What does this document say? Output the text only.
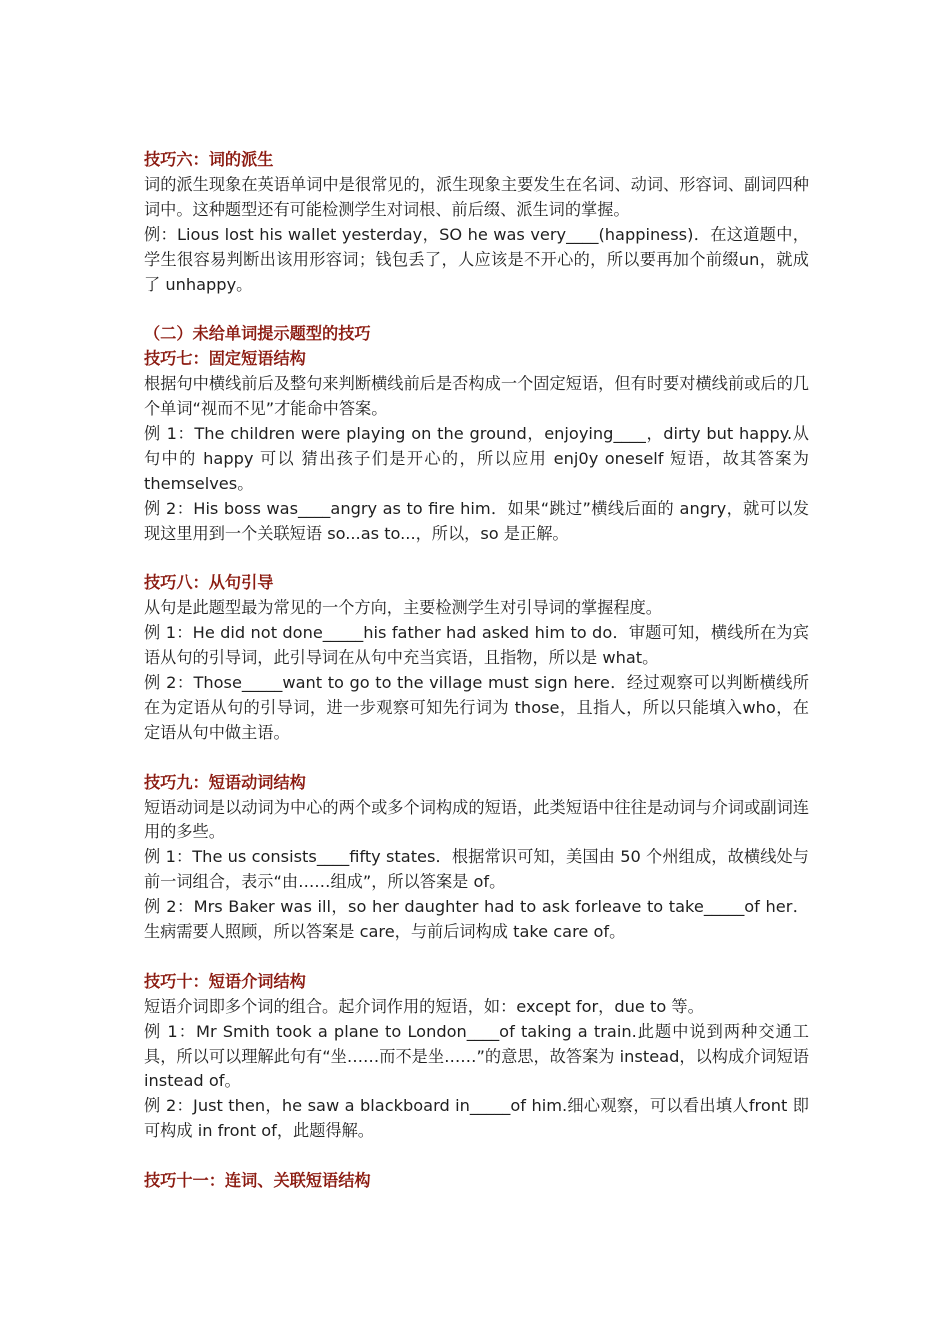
技巧六：词的派生

词的派生现象在英语单词中是很常见的，派生现象主要发生在名词、动词、形容词、副词四种词中。这种题型还有可能检测学生对词根、前后缀、派生词的掌握。

例：Lious lost his wallet yesterday，SO he was very____(happiness)．在这道题中，学生很容易判断出该用形容词；钱包丢了，人应该是不开心的，所以要再加个前缀un，就成了 unhappy。

（二）未给单词提示题型的技巧

技巧七：固定短语结构

根据句中横线前后及整句来判断横线前后是否构成一个固定短语，但有时要对横线前或后的几个单词“视而不见”才能命中答案。

例 1：The children were playing on the ground，enjoying____，dirty but happy.从句中的 happy 可以 猜出孩子们是开心的，所以应用 enj0y oneself 短语，故其答案为 themselves。

例 2：His boss was____angry as to fire him．如果“跳过”横线后面的 angry，就可以发现这里用到一个关联短语 so...as to...，所以，so 是正解。

技巧八：从句引导

从句是此题型最为常见的一个方向，主要检测学生对引导词的掌握程度。

例 1：He did not done_____his father had asked him to do．审题可知，横线所在为宾语从句的引导词，此引导词在从句中充当宾语，且指物，所以是 what。

例 2：Those_____want to go to the village must sign here．经过观察可以判断横线所在为定语从句的引导词，进一步观察可知先行词为 those，且指人，所以只能填入who，在定语从句中做主语。

技巧九：短语动词结构

短语动词是以动词为中心的两个或多个词构成的短语，此类短语中往往是动词与介词或副词连用的多些。

例 1：The us consists____fifty states．根据常识可知，美国由 50 个州组成，故横线处与前一词组合，表示“由……组成”，所以答案是 of。

例 2：Mrs Baker was ill，so her daughter had to ask forleave to take_____of her．生病需要人照顾，所以答案是 care，与前后词构成 take care of。

技巧十：短语介词结构

短语介词即多个词的组合。起介词作用的短语，如：except for，due to 等。

例 1：Mr Smith took a plane to London____of taking a train.此题中说到两种交通工具，所以可以理解此句有“坐……而不是坐……”的意思，故答案为 instead，以构成介词短语 instead of。

例 2：Just then，he saw a blackboard in_____of him.细心观察，可以看出填人front 即可构成 in front of，此题得解。

技巧十一：连词、关联短语结构
